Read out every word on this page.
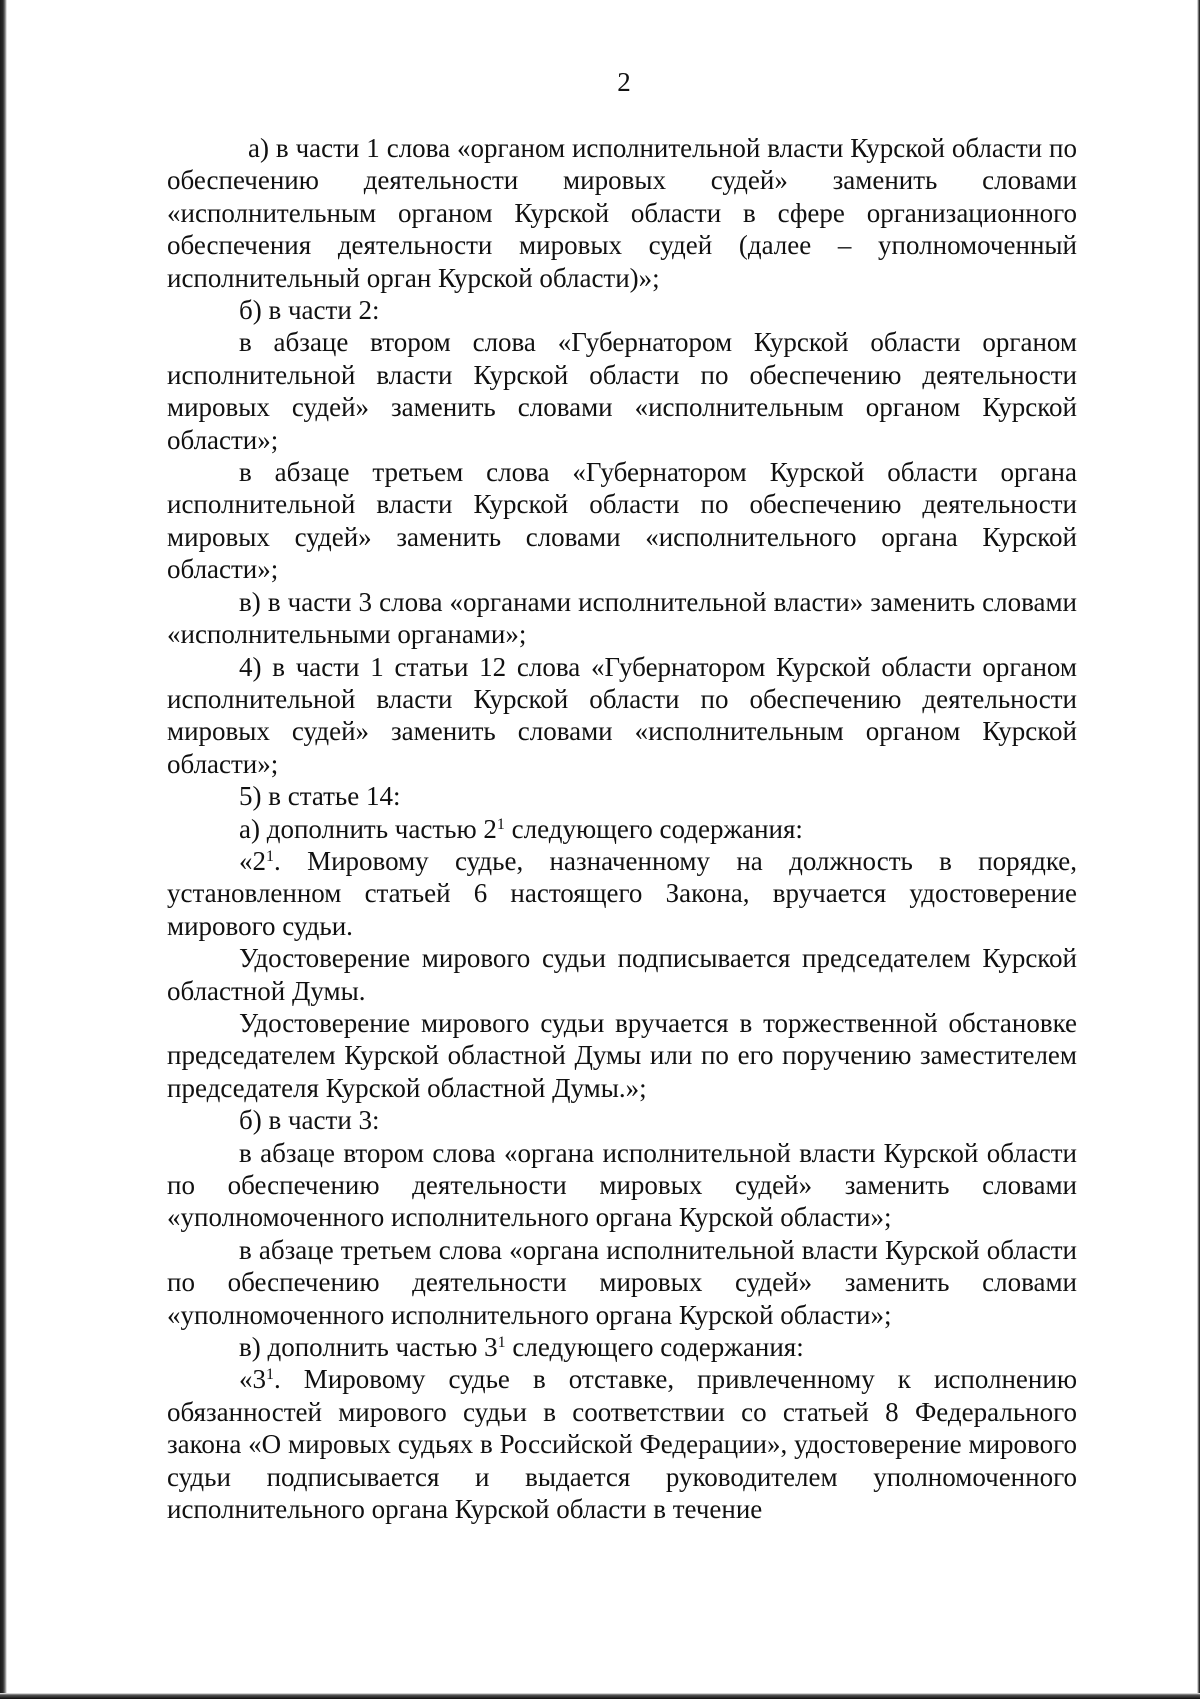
2

а) в части 1 слова «органом исполнительной власти Курской области по обеспечению деятельности мировых судей» заменить словами «исполнительным органом Курской области в сфере организационного обеспечения деятельности мировых судей (далее – уполномоченный исполнительный орган Курской области)»;

б) в части 2:

в абзаце втором слова «Губернатором Курской области органом исполнительной власти Курской области по обеспечению деятельности мировых судей» заменить словами «исполнительным органом Курской области»;

в абзаце третьем слова «Губернатором Курской области органа исполнительной власти Курской области по обеспечению деятельности мировых судей» заменить словами «исполнительного органа Курской области»;

в) в части 3 слова «органами исполнительной власти» заменить словами «исполнительными органами»;

4) в части 1 статьи 12 слова «Губернатором Курской области органом исполнительной власти Курской области по обеспечению деятельности мировых судей» заменить словами «исполнительным органом Курской области»;

5) в статье 14:

а) дополнить частью $2^1$ следующего содержания:

«$2^1$. Мировому судье, назначенному на должность в порядке, установленном статьей 6 настоящего Закона, вручается удостоверение мирового судьи.

Удостоверение мирового судьи подписывается председателем Курской областной Думы.

Удостоверение мирового судьи вручается в торжественной обстановке председателем Курской областной Думы или по его поручению заместителем председателя Курской областной Думы.»;

б) в части 3:

в абзаце втором слова «органа исполнительной власти Курской области по обеспечению деятельности мировых судей» заменить словами «уполномоченного исполнительного органа Курской области»;

в абзаце третьем слова «органа исполнительной власти Курской области по обеспечению деятельности мировых судей» заменить словами «уполномоченного исполнительного органа Курской области»;

в) дополнить частью $3^1$ следующего содержания:

«$3^1$. Мировому судье в отставке, привлеченному к исполнению обязанностей мирового судьи в соответствии со статьей 8 Федерального закона «О мировых судьях в Российской Федерации», удостоверение мирового судьи подписывается и выдается руководителем уполномоченного исполнительного органа Курской области в течение
